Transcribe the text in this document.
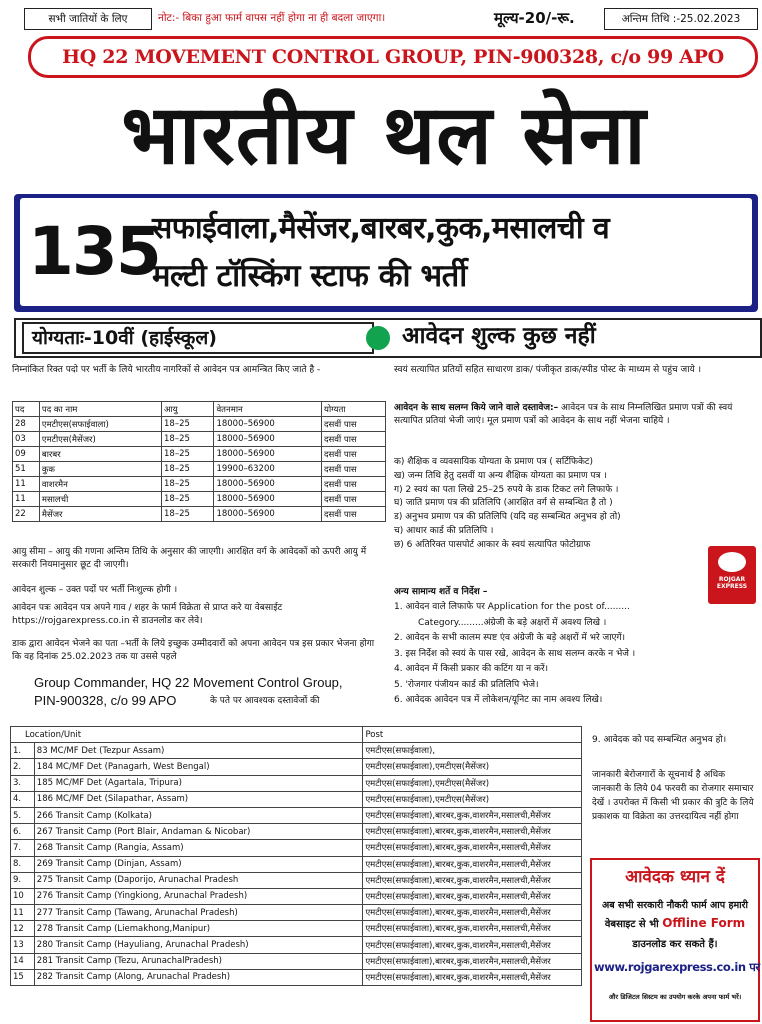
सभी जातियों के लिए	नोट:- बिका हुआ फार्म वापस नहीं होगा ना ही बदला जाएगा।	मूल्य-20/-रू.	अन्तिम तिथि :-25.02.2023
HQ 22 MOVEMENT CONTROL GROUP, PIN-900328, c/o 99 APO
भारतीय थल सेना
135
सफाईवाला,मैसेंजर,बारबर,कुक,मसालची व
मल्टी टॉस्किंग स्टाफ की भर्ती
योग्यताः-10वीं (हाईस्कूल)	आवेदन शुल्क कुछ नहीं
निम्नांकित रिक्त पदो पर भर्ती के लिये भारतीय नागरिकों से आवेदन पत्र आमन्त्रित किए जाते है -
पद	पद का नाम	आयु	वेतनमान	योग्यता
28	एमटीएस(सफाईवाला)	18–25	18000–56900	दसवीं पास
03	एमटीएस(मैसेंजर)	18–25	18000–56900	दसवीं पास
09	बारबर	18–25	18000–56900	दसवीं पास
51	कुक	18–25	19900–63200	दसवीं पास
11	वाशरमैन	18–25	18000–56900	दसवीं पास
11	मसालची	18–25	18000–56900	दसवीं पास
22	मैसेंजर	18–25	18000–56900	दसवीं पास
आयु सीमा – आयु की गणना अन्तिम तिथि के अनुसार की जाएगी। आरक्षित वर्ग के आवेदकों को ऊपरी आयु में सरकारी नियमानुसार छूट दी जाएगी।
आवेदन शुल्क – उक्त पदों पर भर्ती निःशुल्क होगी ।
आवेदन पत्रः आवेदन पत्र अपने गाव / शहर के फार्म विक्रेता से प्राप्त करे या वेबसाईट https://rojgarexpress.co.in से डाउनलोड कर लेवे।
डाक द्वारा आवेदन भेजने का पता –भर्ती के लिये इच्छुक उम्मीदवारों को अपना आवेदन पत्र इस प्रकार भेजना होगा कि वह दिनांक 25.02.2023 तक या उससे पहले
Group Commander, HQ 22 Movement Control Group,
PIN-900328, c/o 99 APO	के पते पर आवश्यक दस्तावेजों की
स्वयं सत्यापित प्रतियों सहित साधारण डाक/ पंजीकृत डाक/स्पीड पोस्ट के माध्यम से पहुंच जाये ।
आवेदन के साथ सलग्न किये जाने वाले दस्तावेज:– आवेदन पत्र के साथ निम्नलिखित प्रमाण पत्रों की स्वयं सत्यापित प्रतियां भेजी जाएं। मूल प्रमाण पत्रों को आवेदन के साथ नहीं भेजना चाहिये ।
क) शैक्षिक व व्यवसायिक योग्यता के प्रमाण पत्र ( सर्टिफिकेट)
ख) जन्म तिथि हेतु दसवीं या अन्य शैक्षिक योग्यता का प्रमाण पत्र ।
ग) 2 स्वयं का पता लिखे 25–25 रुपये के डाक टिकट लगे लिफाफे ।
घ) जाति प्रमाण पत्र की प्रतिलिपि (आरक्षित वर्ग से सम्बन्धित है तो )
ड) अनुभव प्रमाण पत्र की प्रतिलिपि (यदि वह सम्बन्धित अनुभव हो तो)
च) आधार कार्ड की प्रतिलिपि ।
छ) 6 अतिरिक्त पासपोर्ट आकार के स्वयं सत्यापित फोटोग्राफ
ROJGAR EXPRESS
अन्य सामान्य शर्ते व निर्देश –
1. आवेदन वाले लिफाफे पर Application for the post of.........
Category.........अंग्रेजी के बड़े अक्षरों में अवश्य लिखे ।
2. आवेदन के सभी कालम स्पष्ट एंव अंग्रेजी के बड़े अक्षरों में भरे जाएगें।
3. इस निर्देश को स्वयं के पास रखे, आवेदन के साथ सलग्न करके न भेजे ।
4. आवेदन में किसी प्रकार की कटिंग या न करें।
5. 'रोजगार पंजीयन कार्ड की प्रतिलिपि भेजे।
6. आवेदक आवेदन पत्र में लोकेशन/यूनिट का नाम अवश्य लिखे।
Location/Unit		Post
1.	83 MC/MF Det (Tezpur Assam)	एमटीएस(सफाईवाला),
2.	184 MC/MF Det (Panagarh, West Bengal)	एमटीएस(सफाईवाला),एमटीएस(मैसेंजर)
3.	185 MC/MF Det (Agartala, Tripura)	एमटीएस(सफाईवाला),एमटीएस(मैसेंजर)
4.	186 MC/MF Det (Silapathar, Assam)	एमटीएस(सफाईवाला),एमटीएस(मैसेंजर)
5.	266 Transit Camp (Kolkata)	एमटीएस(सफाईवाला),बारबर,कुक,वाशरमैन,मसालची,मैसेंजर
6.	267 Transit Camp (Port Blair, Andaman & Nicobar)	एमटीएस(सफाईवाला),बारबर,कुक,वाशरमैन,मसालची,मैसेंजर
7.	268 Transit Camp (Rangia, Assam)	एमटीएस(सफाईवाला),बारबर,कुक,वाशरमैन,मसालची,मैसेंजर
8.	269 Transit Camp (Dinjan, Assam)	एमटीएस(सफाईवाला),बारबर,कुक,वाशरमैन,मसालची,मैसेंजर
9.	275 Transit Camp (Daporijo, Arunachal Pradesh	एमटीएस(सफाईवाला),बारबर,कुक,वाशरमैन,मसालची,मैसेंजर
10	276 Transit Camp (Yingkiong, Arunachal Pradesh)	एमटीएस(सफाईवाला),बारबर,कुक,वाशरमैन,मसालची,मैसेंजर
11	277 Transit Camp (Tawang, Arunachal Pradesh)	एमटीएस(सफाईवाला),बारबर,कुक,वाशरमैन,मसालची,मैसेंजर
12	278 Transit Camp (Liemakhong,Manipur)	एमटीएस(सफाईवाला),बारबर,कुक,वाशरमैन,मसालची,मैसेंजर
13	280 Transit Camp (Hayuliang, Arunachal Pradesh)	एमटीएस(सफाईवाला),बारबर,कुक,वाशरमैन,मसालची,मैसेंजर
14	281 Transit Camp (Tezu, ArunachalPradesh)	एमटीएस(सफाईवाला),बारबर,कुक,वाशरमैन,मसालची,मैसेंजर
15	282 Transit Camp (Along, Arunachal Pradesh)	एमटीएस(सफाईवाला),बारबर,कुक,वाशरमैन,मसालची,मैसेंजर
9. आवेदक को पद सम्बन्धित अनुभव हो।
जानकारी बेरोजगारों के सूचनार्थ है अधिक जानकारी के लिये 04 फरवरी का रोजगार समाचार देखें । उपरोक्त में किसी भी प्रकार की त्रुटि के लिये प्रकाशक या विक्रेता का उत्तरदायित्व नहीं होगा
आवेदक ध्यान दें
अब सभी सरकारी नौकरी फार्म आप हमारी
वेबसाइट से भी Offline Form
डाउनलोड कर सकते हैं।
www.rojgarexpress.co.in पर
और डिजिटल सिस्टम का उपयोग करके अपना फार्म भरें।
